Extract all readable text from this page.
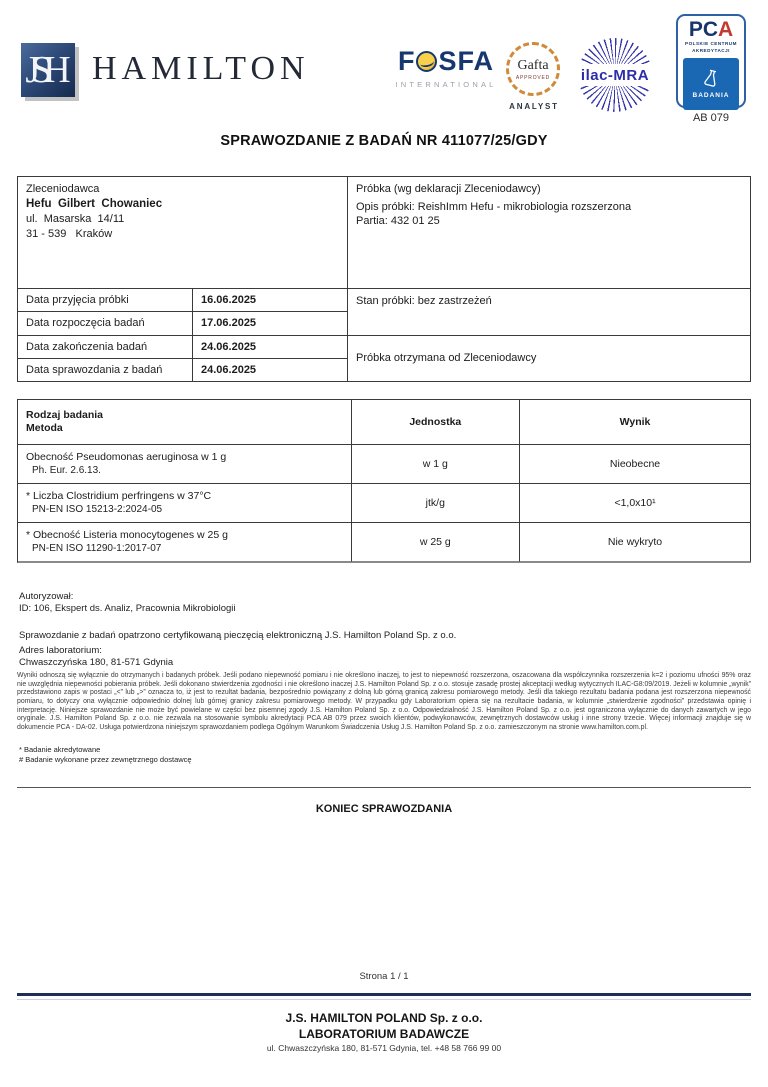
JSH HAMILTON	F SFA
INTERNATIONAL
Gafta
APPROVED
ANALYST
ilac-MRA
PCA
POLSKIE CENTRUM
AKREDYTACJI
BADANIA
AB 079
SPRAWOZDANIE Z BADAŃ NR 411077/25/GDY
Zleceniodawca
Hefu  Gilbert  Chowaniec
ul.  Masarska  14/11
31 - 539   Kraków
Próbka (wg deklaracji Zleceniodawcy)
Opis próbki: ReishImm Hefu - mikrobiologia rozszerzona
Partia: 432 01 25
Data przyjęcia próbki	16.06.2025	Stan próbki: bez zastrzeżeń
Data rozpoczęcia badań	17.06.2025
Data zakończenia badań	24.06.2025
Próbka otrzymana od Zleceniodawcy
Data sprawozdania z badań	24.06.2025
Rodzaj badania
Metoda
Jednostka	Wynik
Obecność Pseudomonas aeruginosa w 1 g
Ph. Eur. 2.6.13.
w 1 g	Nieobecne
* Liczba Clostridium perfringens w 37°C
PN-EN ISO 15213-2:2024-05
jtk/g	<1,0x10¹
* Obecność Listeria monocytogenes w 25 g
PN-EN ISO 11290-1:2017-07
w 25 g	Nie wykryto
Autoryzował:
ID: 106, Ekspert ds. Analiz, Pracownia Mikrobiologii
Sprawozdanie z badań opatrzono certyfikowaną pieczęcią elektroniczną J.S. Hamilton Poland Sp. z o.o.
Adres laboratorium:
Chwaszczyńska 180, 81-571 Gdynia
Wyniki odnoszą się wyłącznie do otrzymanych i badanych próbek. Jeśli podano niepewność pomiaru i nie określono inaczej, to jest to niepewność rozszerzona, oszacowana dla współczynnika rozszerzenia k=2 i poziomu ufności 95% oraz nie uwzględnia niepewności pobierania próbek. Jeśli dokonano stwierdzenia zgodności i nie określono inaczej J.S. Hamilton Poland Sp. z o.o. stosuje zasadę prostej akceptacji według wytycznych ILAC-G8:09/2019. Jeżeli w kolumnie „wynik” przedstawiono zapis w postaci „<” lub „>” oznacza to, iż jest to rezultat badania, bezpośrednio powiązany z dolną lub górną granicą zakresu pomiarowego metody. Jeśli dla takiego rezultatu badania podana jest rozszerzona niepewność pomiaru, to dotyczy ona wyłącznie odpowiednio dolnej lub górnej granicy zakresu pomiarowego metody. W przypadku gdy Laboratorium opiera się na rezultacie badania, w kolumnie „stwierdzenie zgodności” przedstawia opinię i interpretację. Niniejsze sprawozdanie nie może być powielane w części bez pisemnej zgody J.S. Hamilton Poland Sp. z o.o. Odpowiedzialność J.S. Hamilton Poland Sp. z o.o. jest ograniczona wyłącznie do danych zawartych w jego oryginale. J.S. Hamilton Poland Sp. z o.o. nie zezwala na stosowanie symbolu akredytacji PCA AB 079 przez swoich klientów, podwykonawców, zewnętrznych dostawców usług i inne strony trzecie. Więcej informacji znajduje się w dokumencie PCA - DA-02. Usługa potwierdzona niniejszym sprawozdaniem podlega Ogólnym Warunkom Świadczenia Usług J.S. Hamilton Poland Sp. z o.o. zamieszczonym na stronie www.hamilton.com.pl.
* Badanie akredytowane
# Badanie wykonane przez zewnętrznego dostawcę
KONIEC SPRAWOZDANIA
Strona 1 / 1
J.S. HAMILTON POLAND Sp. z o.o.
LABORATORIUM BADAWCZE
ul. Chwaszczyńska 180, 81-571 Gdynia, tel. +48 58 766 99 00
